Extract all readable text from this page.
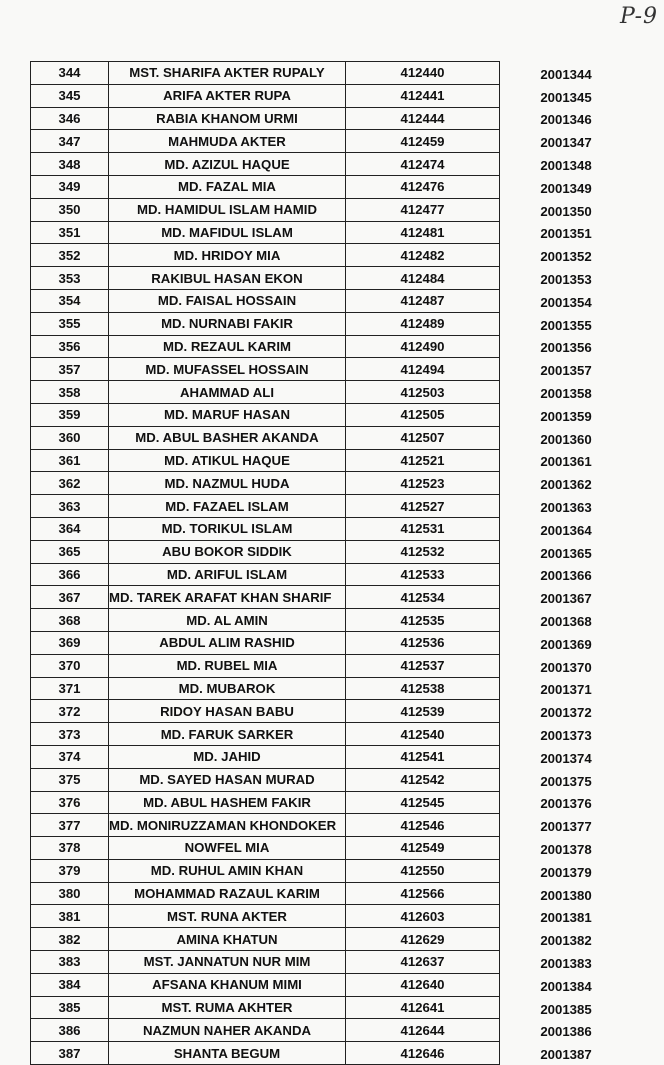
P-9
344	MST. SHARIFA AKTER RUPALY	412440	2001344
345	ARIFA AKTER RUPA	412441	2001345
346	RABIA KHANOM URMI	412444	2001346
347	MAHMUDA AKTER	412459	2001347
348	MD. AZIZUL HAQUE	412474	2001348
349	MD. FAZAL MIA	412476	2001349
350	MD. HAMIDUL ISLAM HAMID	412477	2001350
351	MD. MAFIDUL ISLAM	412481	2001351
352	MD. HRIDOY MIA	412482	2001352
353	RAKIBUL HASAN EKON	412484	2001353
354	MD. FAISAL HOSSAIN	412487	2001354
355	MD. NURNABI FAKIR	412489	2001355
356	MD. REZAUL KARIM	412490	2001356
357	MD. MUFASSEL HOSSAIN	412494	2001357
358	AHAMMAD ALI	412503	2001358
359	MD. MARUF HASAN	412505	2001359
360	MD. ABUL BASHER AKANDA	412507	2001360
361	MD. ATIKUL HAQUE	412521	2001361
362	MD. NAZMUL HUDA	412523	2001362
363	MD. FAZAEL ISLAM	412527	2001363
364	MD. TORIKUL ISLAM	412531	2001364
365	ABU BOKOR SIDDIK	412532	2001365
366	MD. ARIFUL ISLAM	412533	2001366
367	MD. TAREK ARAFAT KHAN SHARIF	412534	2001367
368	MD. AL AMIN	412535	2001368
369	ABDUL ALIM RASHID	412536	2001369
370	MD. RUBEL MIA	412537	2001370
371	MD. MUBAROK	412538	2001371
372	RIDOY HASAN BABU	412539	2001372
373	MD. FARUK SARKER	412540	2001373
374	MD. JAHID	412541	2001374
375	MD. SAYED HASAN MURAD	412542	2001375
376	MD. ABUL HASHEM FAKIR	412545	2001376
377	MD. MONIRUZZAMAN KHONDOKER	412546	2001377
378	NOWFEL MIA	412549	2001378
379	MD. RUHUL AMIN KHAN	412550	2001379
380	MOHAMMAD RAZAUL KARIM	412566	2001380
381	MST. RUNA AKTER	412603	2001381
382	AMINA KHATUN	412629	2001382
383	MST. JANNATUN NUR MIM	412637	2001383
384	AFSANA KHANUM MIMI	412640	2001384
385	MST. RUMA AKHTER	412641	2001385
386	NAZMUN NAHER AKANDA	412644	2001386
387	SHANTA BEGUM	412646	2001387
